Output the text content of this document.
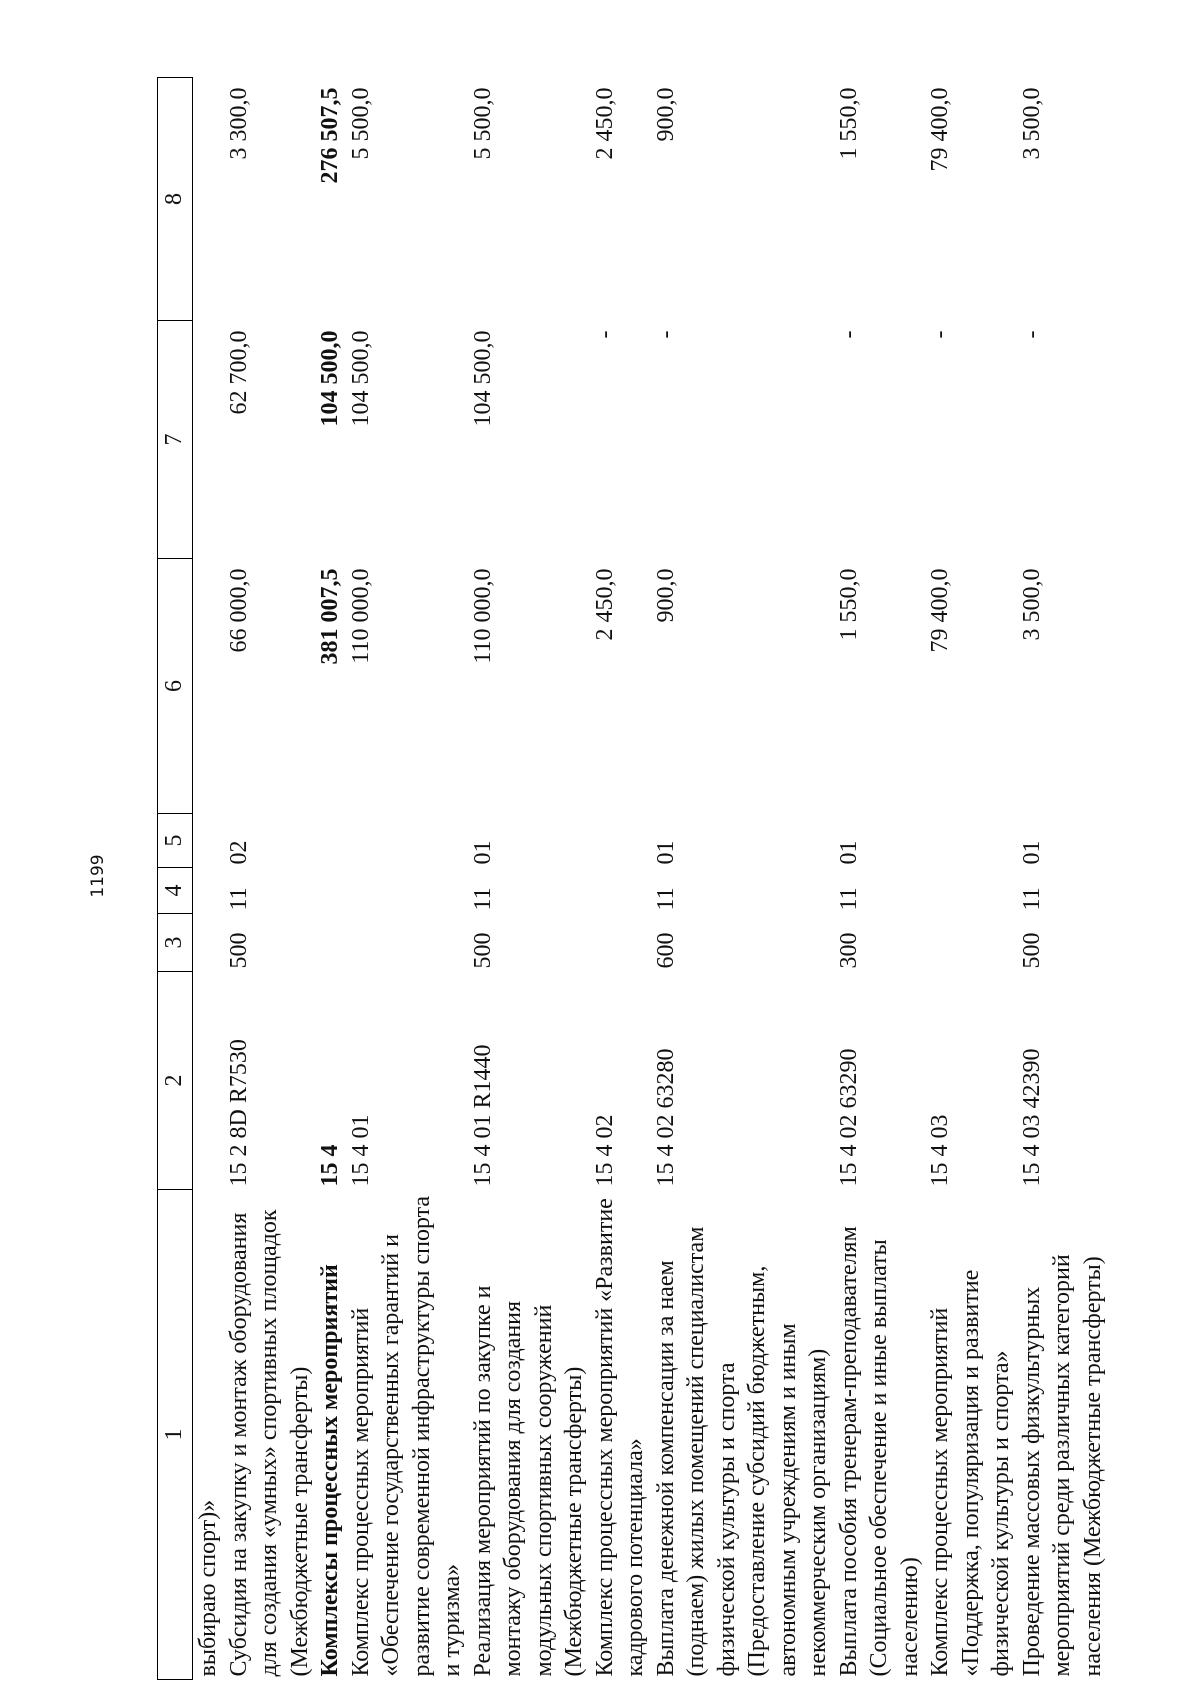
1199
1	2	3	4	5	6	7	8
выбирaю спорт)»							
Субсидия на закупку и монтаж оборудования для создания «умных» спортивных площадок (Межбюджетные трансферты)	15 2 8D R7530	500	11	02	66 000,0	62 700,0	3 300,0
Комплексы процессных мероприятий	15 4				381 007,5	104 500,0	276 507,5
Комплекс процессных мероприятий «Обеспечение государственных гарантий и развитие современной инфраструктуры спорта и туризма»	15 4 01				110 000,0	104 500,0	5 500,0
Реализация мероприятий по закупке и монтажу оборудования для создания модульных спортивных сооружений (Межбюджетные трансферты)	15 4 01 R1440	500	11	01	110 000,0	104 500,0	5 500,0
Комплекс процессных мероприятий «Развитие кадрового потенциала»	15 4 02				2 450,0	-	2 450,0
Выплата денежной компенсации за наем (поднаем) жилых помещений специалистам физической культуры и спорта (Предоставление субсидий бюджетным, автономным учреждениям и иным некоммерческим организациям)	15 4 02 63280	600	11	01	900,0	-	900,0
Выплата пособия тренерам-преподавателям (Социальное обеспечение и иные выплаты населению)	15 4 02 63290	300	11	01	1 550,0	-	1 550,0
Комплекс процессных мероприятий «Поддержка, популяризация и развитие физической культуры и спорта»	15 4 03				79 400,0	-	79 400,0
Проведение массовых физкультурных мероприятий среди различных категорий населения (Межбюджетные трансферты)	15 4 03 42390	500	11	01	3 500,0	-	3 500,0
